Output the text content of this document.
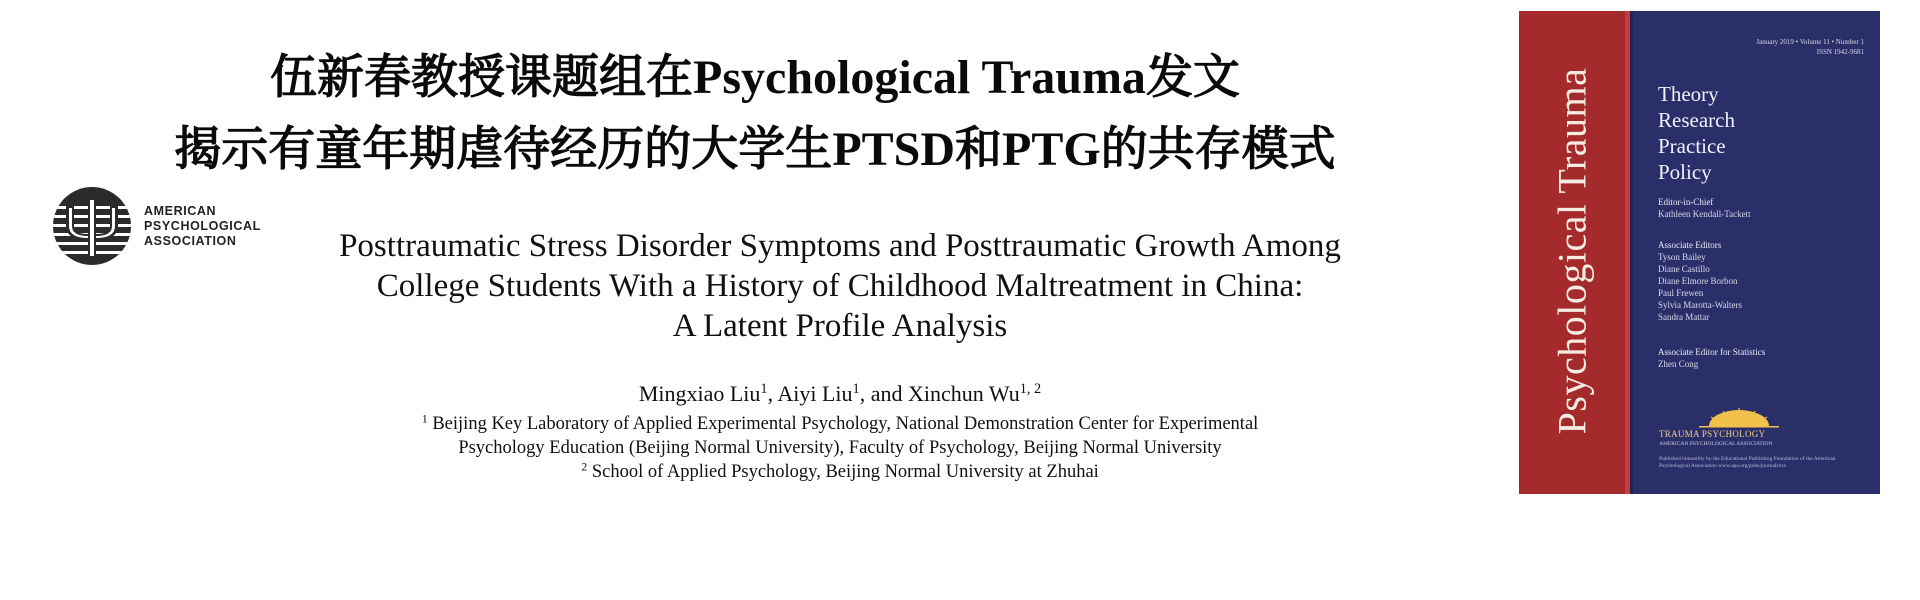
伍新春教授课题组在Psychological Trauma发文
揭示有童年期虐待经历的大学生PTSD和PTG的共存模式
AMERICAN
PSYCHOLOGICAL
ASSOCIATION	Posttraumatic Stress Disorder Symptoms and Posttraumatic Growth Among
College Students With a History of Childhood Maltreatment in China:
A Latent Profile Analysis
Mingxiao Liu$^1$, Aiyi Liu$^1$, and Xinchun Wu$^{1, 2}$
$^1$ Beijing Key Laboratory of Applied Experimental Psychology, National Demonstration Center for Experimental
Psychology Education (Beijing Normal University), Faculty of Psychology, Beijing Normal University
$^2$ School of Applied Psychology, Beijing Normal University at Zhuhai
Psychological Trauma
January 2019 • Volume 11 • Number 1
ISSN 1942-9681
Theory
Research
Practice
Policy
Editor-in-Chief
Kathleen Kendall-Tackett
Associate Editors
Tyson Bailey
Diane Castillo
Diane Elmore Borbon
Paul Frewen
Sylvia Marotta-Walters
Sandra Mattar
Associate Editor for Statistics
Zhen Cong
TRAUMA PSYCHOLOGY
AMERICAN PSYCHOLOGICAL ASSOCIATION
Published bimonthly by the Educational Publishing Foundation of the American Psychological Association www.apa.org/pubs/journals/tra
